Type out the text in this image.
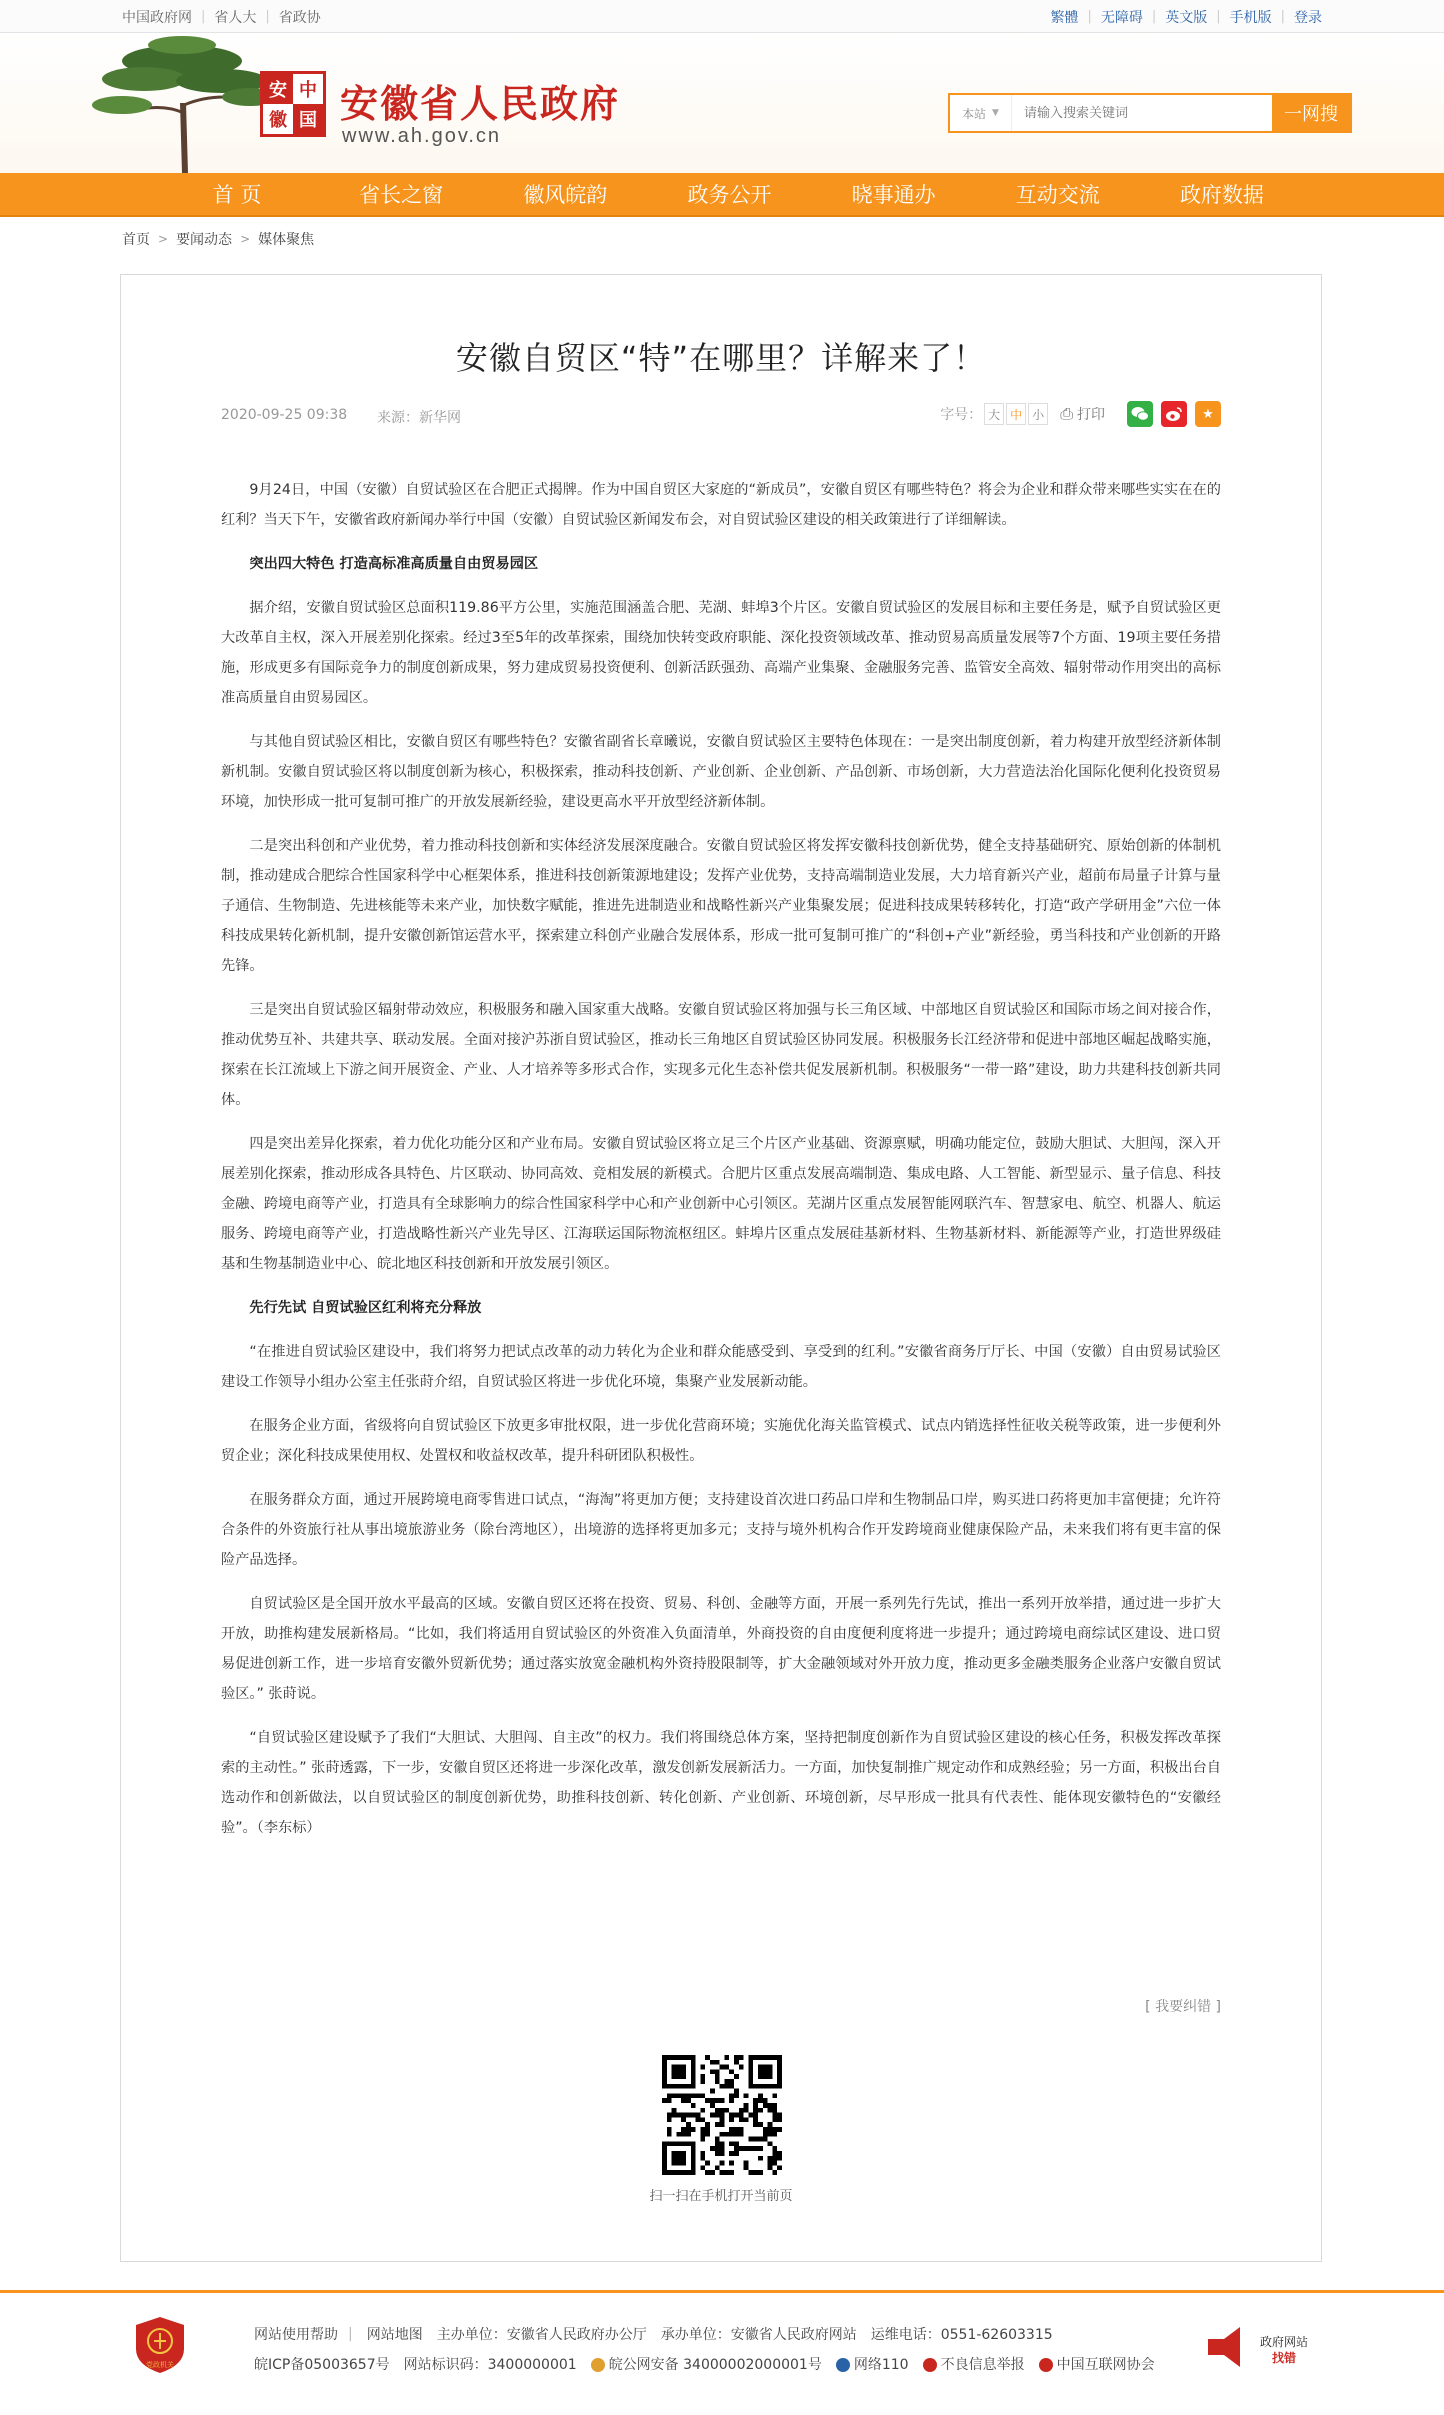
中国政府网 | 省人大 | 省政协	繁體 | 无障碍 | 英文版 | 手机版 | 登录
安 中
徽 国 安徽省人民政府
www.ah.gov.cn
本站 ▼
请输入搜索关键词	一网搜
首 页	省长之窗	徽风皖韵	政务公开	晓事通办	互动交流	政府数据
首页 > 要闻动态 > 媒体聚焦
安徽自贸区“特”在哪里？详解来了！
2020-09-25 09:38 来源：新华网	字号： 大 中 小 ⎙ 打印	★

9月24日，中国（安徽）自贸试验区在合肥正式揭牌。作为中国自贸区大家庭的“新成员”，安徽自贸区有哪些特色？将会为企业和群众带来哪些实实在在的红利？当天下午，安徽省政府新闻办举行中国（安徽）自贸试验区新闻发布会，对自贸试验区建设的相关政策进行了详细解读。

突出四大特色 打造高标准高质量自由贸易园区

据介绍，安徽自贸试验区总面积119.86平方公里，实施范围涵盖合肥、芜湖、蚌埠3个片区。安徽自贸试验区的发展目标和主要任务是，赋予自贸试验区更大改革自主权，深入开展差别化探索。经过3至5年的改革探索，围绕加快转变政府职能、深化投资领域改革、推动贸易高质量发展等7个方面、19项主要任务措施，形成更多有国际竞争力的制度创新成果，努力建成贸易投资便利、创新活跃强劲、高端产业集聚、金融服务完善、监管安全高效、辐射带动作用突出的高标准高质量自由贸易园区。

与其他自贸试验区相比，安徽自贸区有哪些特色？安徽省副省长章曦说，安徽自贸试验区主要特色体现在：一是突出制度创新，着力构建开放型经济新体制新机制。安徽自贸试验区将以制度创新为核心，积极探索，推动科技创新、产业创新、企业创新、产品创新、市场创新，大力营造法治化国际化便利化投资贸易环境，加快形成一批可复制可推广的开放发展新经验，建设更高水平开放型经济新体制。

二是突出科创和产业优势，着力推动科技创新和实体经济发展深度融合。安徽自贸试验区将发挥安徽科技创新优势，健全支持基础研究、原始创新的体制机制，推动建成合肥综合性国家科学中心框架体系，推进科技创新策源地建设；发挥产业优势，支持高端制造业发展，大力培育新兴产业，超前布局量子计算与量子通信、生物制造、先进核能等未来产业，加快数字赋能，推进先进制造业和战略性新兴产业集聚发展；促进科技成果转移转化，打造“政产学研用金”六位一体科技成果转化新机制，提升安徽创新馆运营水平，探索建立科创产业融合发展体系，形成一批可复制可推广的“科创+产业”新经验，勇当科技和产业创新的开路先锋。

三是突出自贸试验区辐射带动效应，积极服务和融入国家重大战略。安徽自贸试验区将加强与长三角区域、中部地区自贸试验区和国际市场之间对接合作，推动优势互补、共建共享、联动发展。全面对接沪苏浙自贸试验区，推动长三角地区自贸试验区协同发展。积极服务长江经济带和促进中部地区崛起战略实施，探索在长江流域上下游之间开展资金、产业、人才培养等多形式合作，实现多元化生态补偿共促发展新机制。积极服务“一带一路”建设，助力共建科技创新共同体。

四是突出差异化探索，着力优化功能分区和产业布局。安徽自贸试验区将立足三个片区产业基础、资源禀赋，明确功能定位，鼓励大胆试、大胆闯，深入开展差别化探索，推动形成各具特色、片区联动、协同高效、竞相发展的新模式。合肥片区重点发展高端制造、集成电路、人工智能、新型显示、量子信息、科技金融、跨境电商等产业，打造具有全球影响力的综合性国家科学中心和产业创新中心引领区。芜湖片区重点发展智能网联汽车、智慧家电、航空、机器人、航运服务、跨境电商等产业，打造战略性新兴产业先导区、江海联运国际物流枢纽区。蚌埠片区重点发展硅基新材料、生物基新材料、新能源等产业，打造世界级硅基和生物基制造业中心、皖北地区科技创新和开放发展引领区。

先行先试 自贸试验区红利将充分释放

“在推进自贸试验区建设中，我们将努力把试点改革的动力转化为企业和群众能感受到、享受到的红利。”安徽省商务厅厅长、中国（安徽）自由贸易试验区建设工作领导小组办公室主任张莳介绍，自贸试验区将进一步优化环境，集聚产业发展新动能。

在服务企业方面，省级将向自贸试验区下放更多审批权限，进一步优化营商环境；实施优化海关监管模式、试点内销选择性征收关税等政策，进一步便利外贸企业；深化科技成果使用权、处置权和收益权改革，提升科研团队积极性。

在服务群众方面，通过开展跨境电商零售进口试点，“海淘”将更加方便；支持建设首次进口药品口岸和生物制品口岸，购买进口药将更加丰富便捷；允许符合条件的外资旅行社从事出境旅游业务（除台湾地区），出境游的选择将更加多元；支持与境外机构合作开发跨境商业健康保险产品，未来我们将有更丰富的保险产品选择。

自贸试验区是全国开放水平最高的区域。安徽自贸区还将在投资、贸易、科创、金融等方面，开展一系列先行先试，推出一系列开放举措，通过进一步扩大开放，助推构建发展新格局。“比如，我们将适用自贸试验区的外资准入负面清单，外商投资的自由度便利度将进一步提升；通过跨境电商综试区建设、进口贸易促进创新工作，进一步培育安徽外贸新优势；通过落实放宽金融机构外资持股限制等，扩大金融领域对外开放力度，推动更多金融类服务企业落户安徽自贸试验区。” 张莳说。

“自贸试验区建设赋予了我们“大胆试、大胆闯、自主改”的权力。我们将围绕总体方案，坚持把制度创新作为自贸试验区建设的核心任务，积极发挥改革探索的主动性。” 张莳透露，下一步，安徽自贸区还将进一步深化改革，激发创新发展新活力。一方面，加快复制推广规定动作和成熟经验；另一方面，积极出台自选动作和创新做法，以自贸试验区的制度创新优势，助推科技创新、转化创新、产业创新、环境创新，尽早形成一批具有代表性、能体现安徽特色的“安徽经验”。（李东标）

[ 我要纠错 ]
扫一扫在手机打开当前页
党政机关
网站使用帮助 | 网站地图 主办单位：安徽省人民政府办公厅 承办单位：安徽省人民政府网站 运维电话：0551-62603315
皖ICP备05003657号 网站标识码：3400000001	皖公网安备 34000002000001号	网络110	不良信息举报	中国互联网协会
政府网站
找错
